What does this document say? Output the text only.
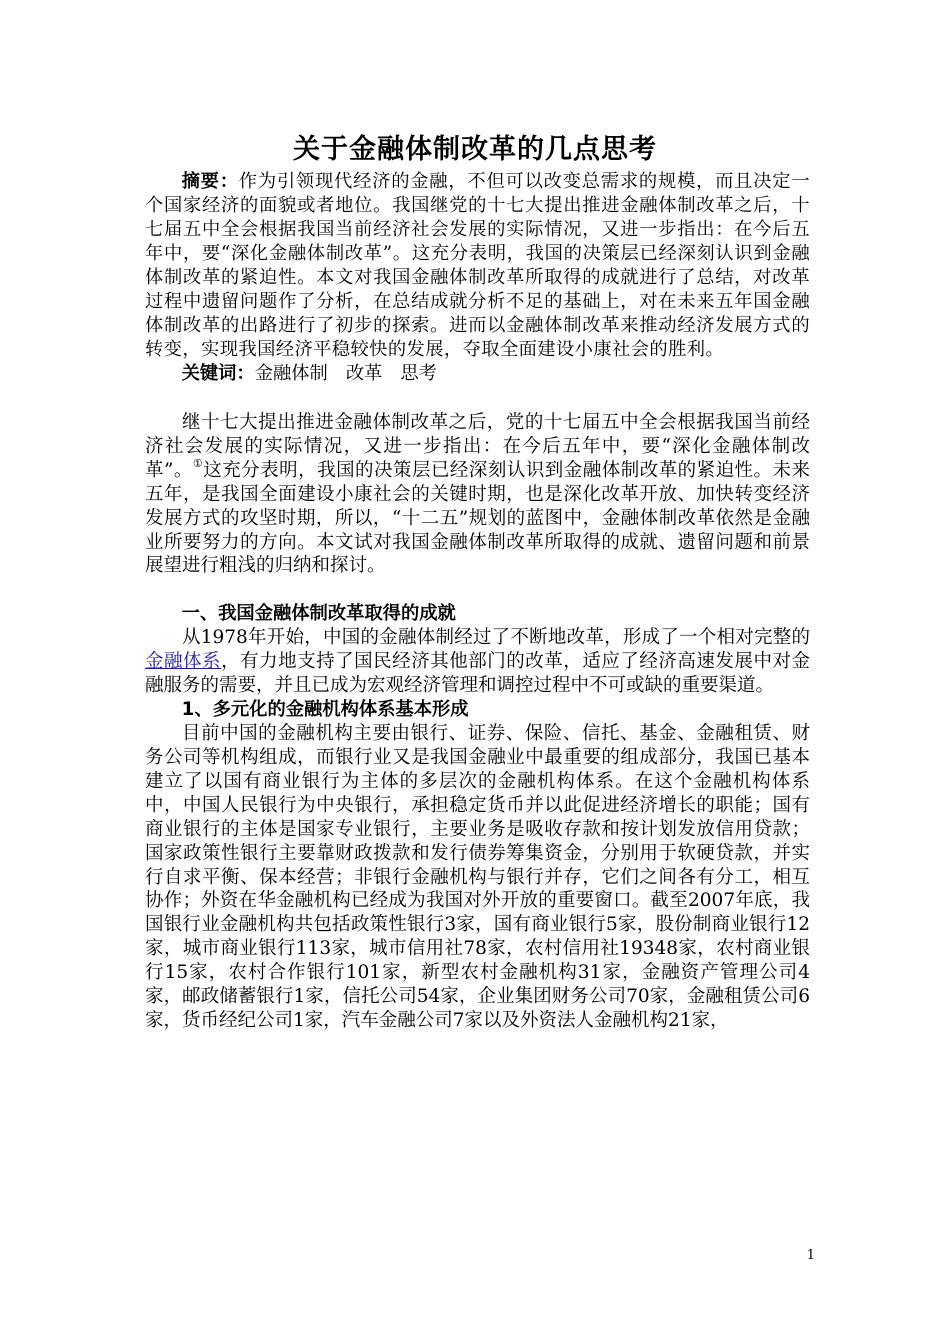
关于金融体制改革的几点思考

摘要：作为引领现代经济的金融，不但可以改变总需求的规模，而且决定一个国家经济的面貌或者地位。我国继党的十七大提出推进金融体制改革之后，十七届五中全会根据我国当前经济社会发展的实际情况，又进一步指出：在今后五年中，要“深化金融体制改革”。这充分表明，我国的决策层已经深刻认识到金融体制改革的紧迫性。本文对我国金融体制改革所取得的成就进行了总结，对改革过程中遗留问题作了分析，在总结成就分析不足的基础上，对在未来五年国金融体制改革的出路进行了初步的探索。进而以金融体制改革来推动经济发展方式的转变，实现我国经济平稳较快的发展，夺取全面建设小康社会的胜利。

关键词：金融体制 改革 思考

继十七大提出推进金融体制改革之后，党的十七届五中全会根据我国当前经济社会发展的实际情况，又进一步指出：在今后五年中，要“深化金融体制改革”。①这充分表明，我国的决策层已经深刻认识到金融体制改革的紧迫性。未来五年，是我国全面建设小康社会的关键时期，也是深化改革开放、加快转变经济发展方式的攻坚时期，所以，“十二五”规划的蓝图中，金融体制改革依然是金融业所要努力的方向。本文试对我国金融体制改革所取得的成就、遗留问题和前景展望进行粗浅的归纳和探讨。

一、我国金融体制改革取得的成就

从1978年开始，中国的金融体制经过了不断地改革，形成了一个相对完整的金融体系，有力地支持了国民经济其他部门的改革，适应了经济高速发展中对金融服务的需要，并且已成为宏观经济管理和调控过程中不可或缺的重要渠道。

1、多元化的金融机构体系基本形成

目前中国的金融机构主要由银行、证券、保险、信托、基金、金融租赁、财务公司等机构组成，而银行业又是我国金融业中最重要的组成部分，我国已基本建立了以国有商业银行为主体的多层次的金融机构体系。在这个金融机构体系中，中国人民银行为中央银行，承担稳定货币并以此促进经济增长的职能；国有商业银行的主体是国家专业银行，主要业务是吸收存款和按计划发放信用贷款；国家政策性银行主要靠财政拨款和发行债券筹集资金，分别用于软硬贷款，并实行自求平衡、保本经营；非银行金融机构与银行并存，它们之间各有分工，相互协作；外资在华金融机构已经成为我国对外开放的重要窗口。截至2007年底，我国银行业金融机构共包括政策性银行3家，国有商业银行5家，股份制商业银行12家，城市商业银行113家，城市信用社78家，农村信用社19348家，农村商业银行15家，农村合作银行101家，新型农村金融机构31家，金融资产管理公司4家，邮政储蓄银行1家，信托公司54家，企业集团财务公司70家，金融租赁公司6家，货币经纪公司1家，汽车金融公司7家以及外资法人金融机构21家，

1
